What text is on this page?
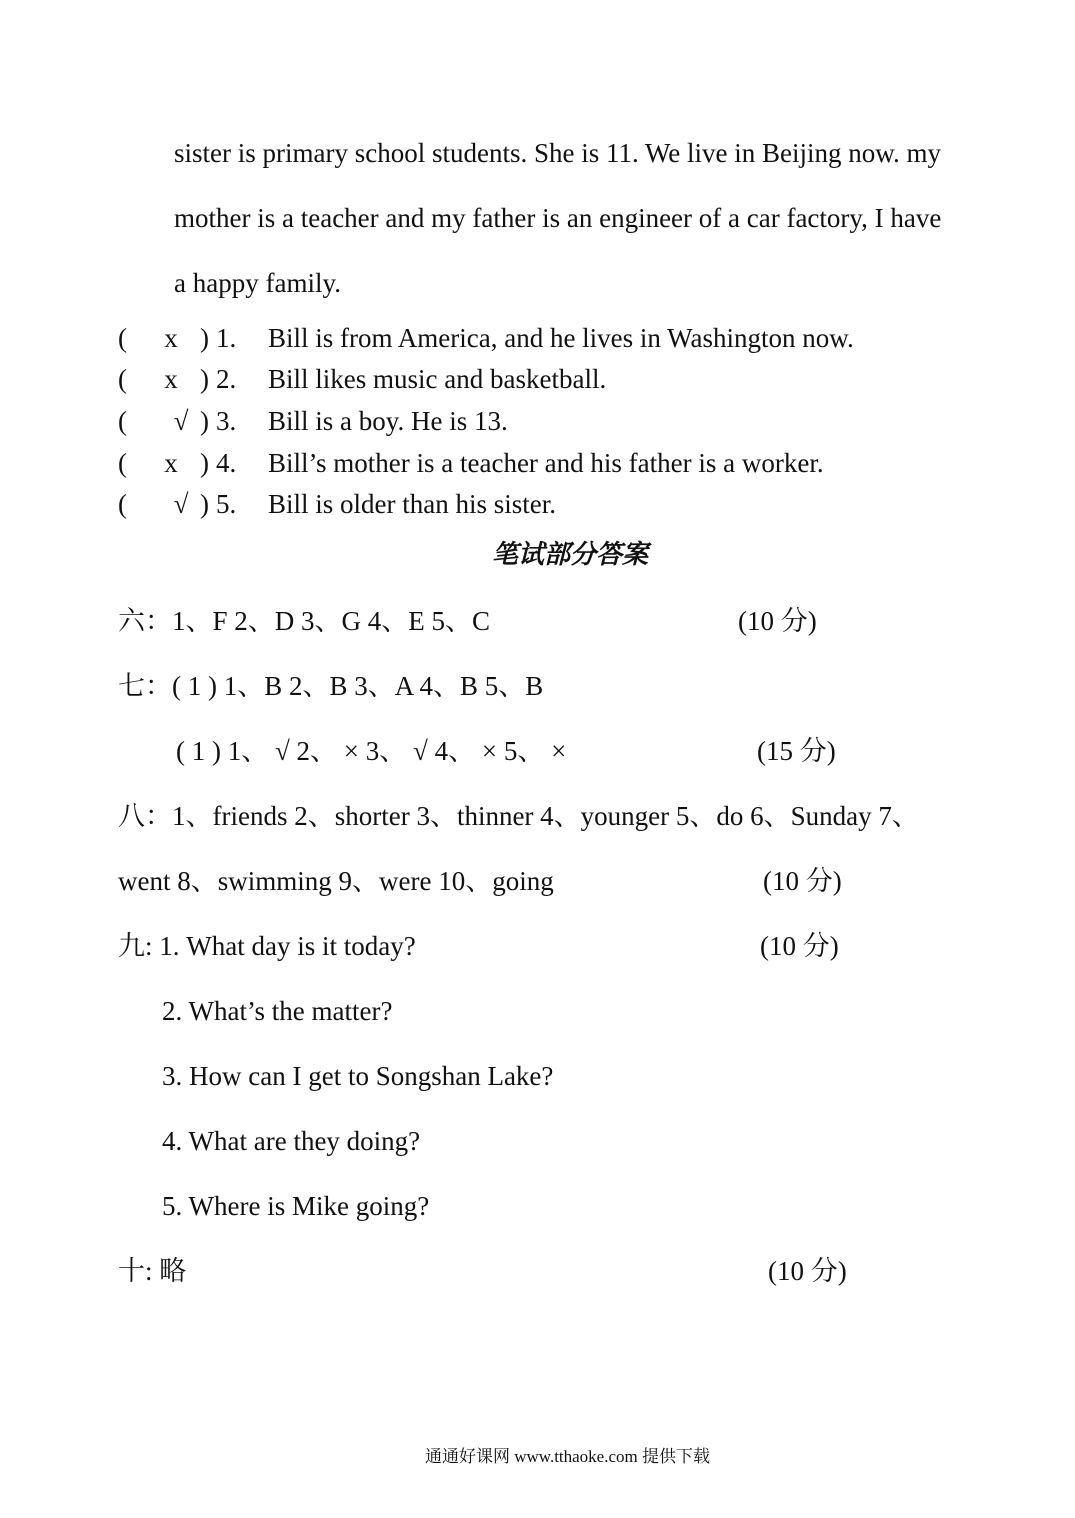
sister is primary school students. She is 11. We live in Beijing now. my
mother is a teacher and my father is an engineer of a car factory, I have
a happy family.
(	x ) 1. Bill is from America, and he lives in Washington now.
(	x ) 2. Bill likes music and basketball.
( √ ) 3. Bill is a boy. He is 13.
(	x ) 4. Bill’s mother is a teacher and his father is a worker.
( √ ) 5. Bill is older than his sister.
笔试部分答案
六：1、F 2、D 3、G 4、E 5、C	(10 分)
七：( 1 ) 1、B 2、B 3、A 4、B 5、B
( 1 ) 1、 √ 2、 × 3、 √ 4、 × 5、 ×	(15 分)
八：1、friends 2、shorter 3、thinner 4、younger 5、do 6、Sunday 7、
went 8、swimming 9、were 10、going	(10 分)
九: 1. What day is it today?	(10 分)
2. What’s the matter?
3. How can I get to Songshan Lake?
4. What are they doing?
5. Where is Mike going?
十: 略	(10 分)
通通好课网 www.tthaoke.com 提供下载
